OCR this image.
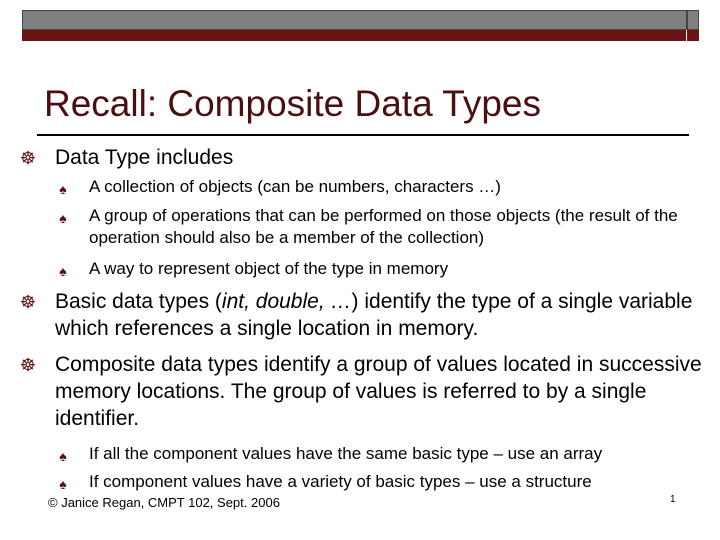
Recall: Composite Data Types
☸ Data Type includes
♠ A collection of objects (can be numbers, characters …)
♠ A group of operations that can be performed on those objects (the result of the operation should also be a member of the collection)
♠ A way to represent object of the type in memory
☸ Basic data types (int, double, …) identify the type of a single variable which references a single location in memory.
☸ Composite data types identify a group of values located in successive memory locations. The group of values is referred to by a single identifier.
♠ If all the component values have the same basic type – use an array
♠ If component values have a variety of basic types – use a structure
© Janice Regan, CMPT 102, Sept. 2006	1
